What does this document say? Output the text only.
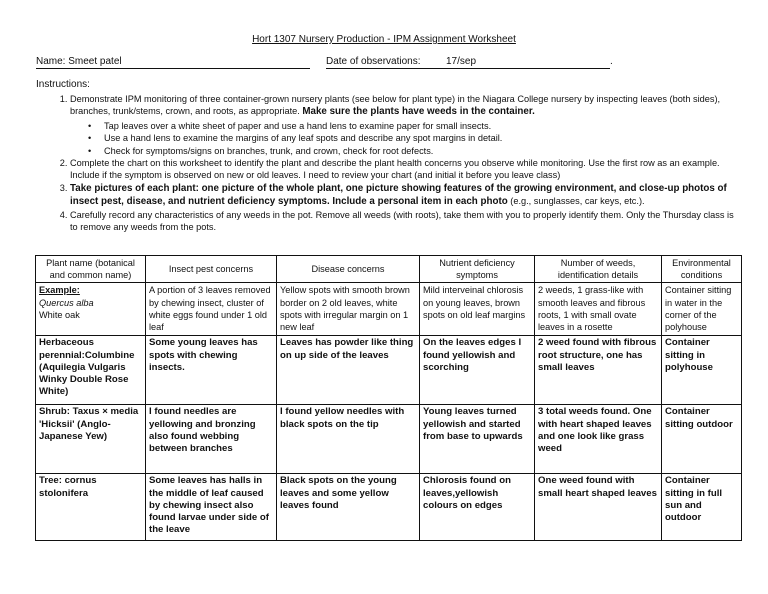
Hort 1307 Nursery Production - IPM Assignment Worksheet
Name: Smeet patel	Date of observations:	17/sep	.
Instructions:
1. Demonstrate IPM monitoring of three container-grown nursery plants (see below for plant type) in the Niagara College nursery by inspecting leaves (both sides), branches, trunk/stems, crown, and roots, as appropriate. Make sure the plants have weeds in the container.
• Tap leaves over a white sheet of paper and use a hand lens to examine paper for small insects.
• Use a hand lens to examine the margins of any leaf spots and describe any spot margins in detail.
• Check for symptoms/signs on branches, trunk, and crown, check for root defects.
2. Complete the chart on this worksheet to identify the plant and describe the plant health concerns you observe while monitoring. Use the first row as an example. Include if the symptom is observed on new or old leaves. I need to review your chart (and initial it before you leave class)
3. Take pictures of each plant: one picture of the whole plant, one picture showing features of the growing environment, and close-up photos of insect pest, disease, and nutrient deficiency symptoms. Include a personal item in each photo (e.g., sunglasses, car keys, etc.).
4. Carefully record any characteristics of any weeds in the pot. Remove all weeds (with roots), take them with you to properly identify them. Only the Thursday class is to remove any weeds from the pots.
Plant name (botanical and common name)	Insect pest concerns	Disease concerns	Nutrient deficiency symptoms	Number of weeds, identification details	Environmental conditions

Example:
Quercus alba
White oak	A portion of 3 leaves removed by chewing insect, cluster of white eggs found under 1 old leaf	Yellow spots with smooth brown border on 2 old leaves, white spots with irregular margin on 1 new leaf	Mild interveinal chlorosis on young leaves, brown spots on old leaf margins	2 weeds, 1 grass-like with smooth leaves and fibrous roots, 1 with small ovate leaves in a rosette	Container sitting in water in the corner of the polyhouse
Herbaceous perennial:Columbine (Aquilegia Vulgaris Winky Double Rose White)	Some young leaves has spots with chewing insects.	Leaves has powder like thing on up side of the leaves	On the leaves edges I found yellowish and scorching	2 weed found with fibrous root structure, one has small leaves	Container sitting in polyhouse
Shrub: Taxus × media 'Hicksii' (Anglo-Japanese Yew)	I found needles are yellowing and bronzing also found webbing between branches	I found yellow needles with black spots on the tip	Young leaves turned yellowish and started from base to upwards	3 total weeds found. One with heart shaped leaves and one look like grass weed	Container sitting outdoor
Tree: cornus stolonifera	Some leaves has halls in the middle of leaf caused by chewing insect also found larvae under side of the leave	Black spots on the young leaves and some yellow leaves found	Chlorosis found on leaves,yellowish colours on edges	One weed found with small heart shaped leaves	Container sitting in full sun and outdoor
